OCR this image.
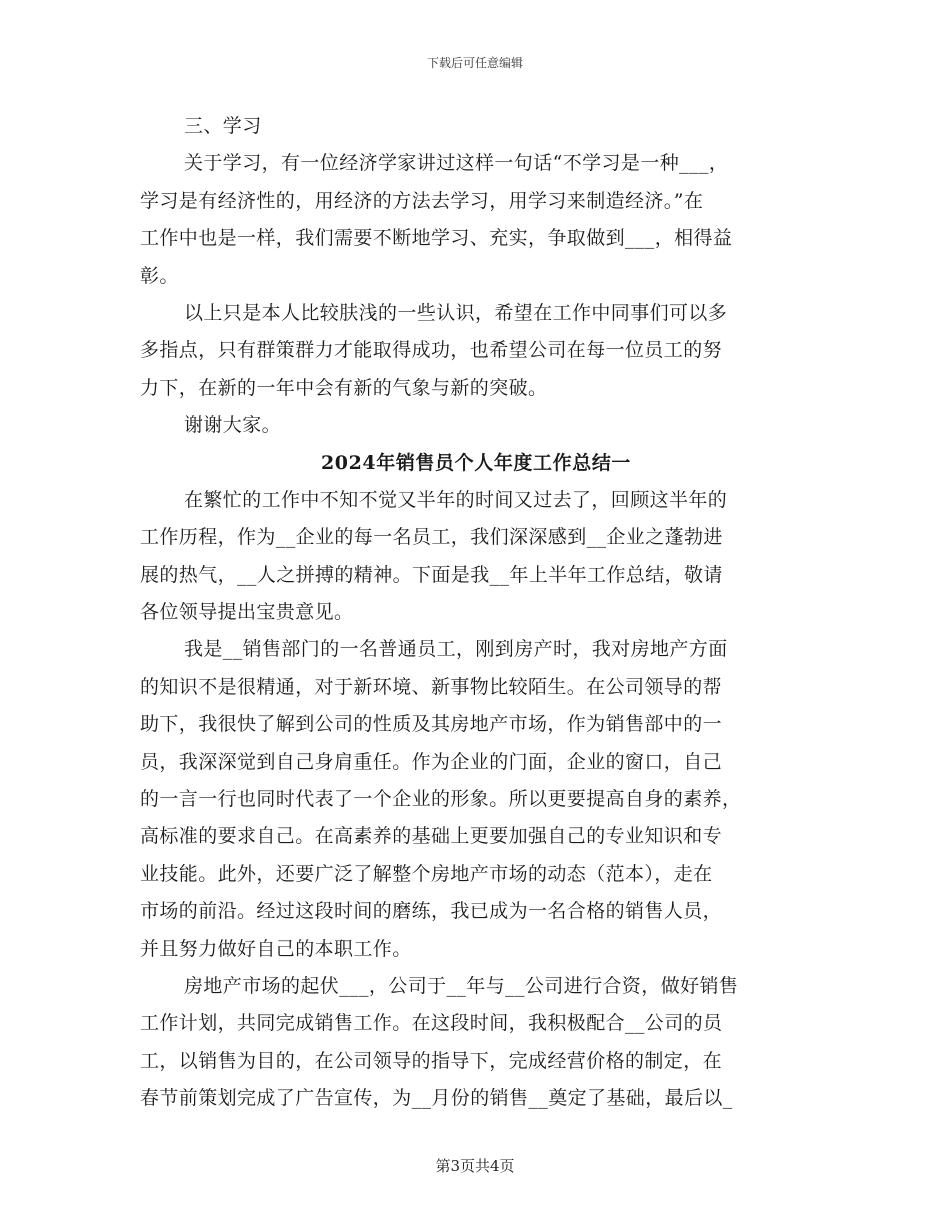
下载后可任意编辑
三、学习
关于学习，有一位经济学家讲过这样一句话“不学习是一种___，
学习是有经济性的，用经济的方法去学习，用学习来制造经济。”在
工作中也是一样，我们需要不断地学习、充实，争取做到___，相得益
彰。
以上只是本人比较肤浅的一些认识，希望在工作中同事们可以多
多指点，只有群策群力才能取得成功，也希望公司在每一位员工的努
力下，在新的一年中会有新的气象与新的突破。
谢谢大家。
2024年销售员个人年度工作总结一
在繁忙的工作中不知不觉又半年的时间又过去了，回顾这半年的
工作历程，作为__企业的每一名员工，我们深深感到__企业之蓬勃进
展的热气，__人之拼搏的精神。下面是我__年上半年工作总结，敬请
各位领导提出宝贵意见。
我是__销售部门的一名普通员工，刚到房产时，我对房地产方面
的知识不是很精通，对于新环境、新事物比较陌生。在公司领导的帮
助下，我很快了解到公司的性质及其房地产市场，作为销售部中的一
员，我深深觉到自己身肩重任。作为企业的门面，企业的窗口，自己
的一言一行也同时代表了一个企业的形象。所以更要提高自身的素养，
高标准的要求自己。在高素养的基础上更要加强自己的专业知识和专
业技能。此外，还要广泛了解整个房地产市场的动态（范本），走在
市场的前沿。经过这段时间的磨练，我已成为一名合格的销售人员，
并且努力做好自己的本职工作。
房地产市场的起伏___，公司于__年与__公司进行合资，做好销售
工作计划，共同完成销售工作。在这段时间，我积极配合__公司的员
工，以销售为目的，在公司领导的指导下，完成经营价格的制定，在
春节前策划完成了广告宣传，为__月份的销售__奠定了基础，最后以_
第3页共4页
